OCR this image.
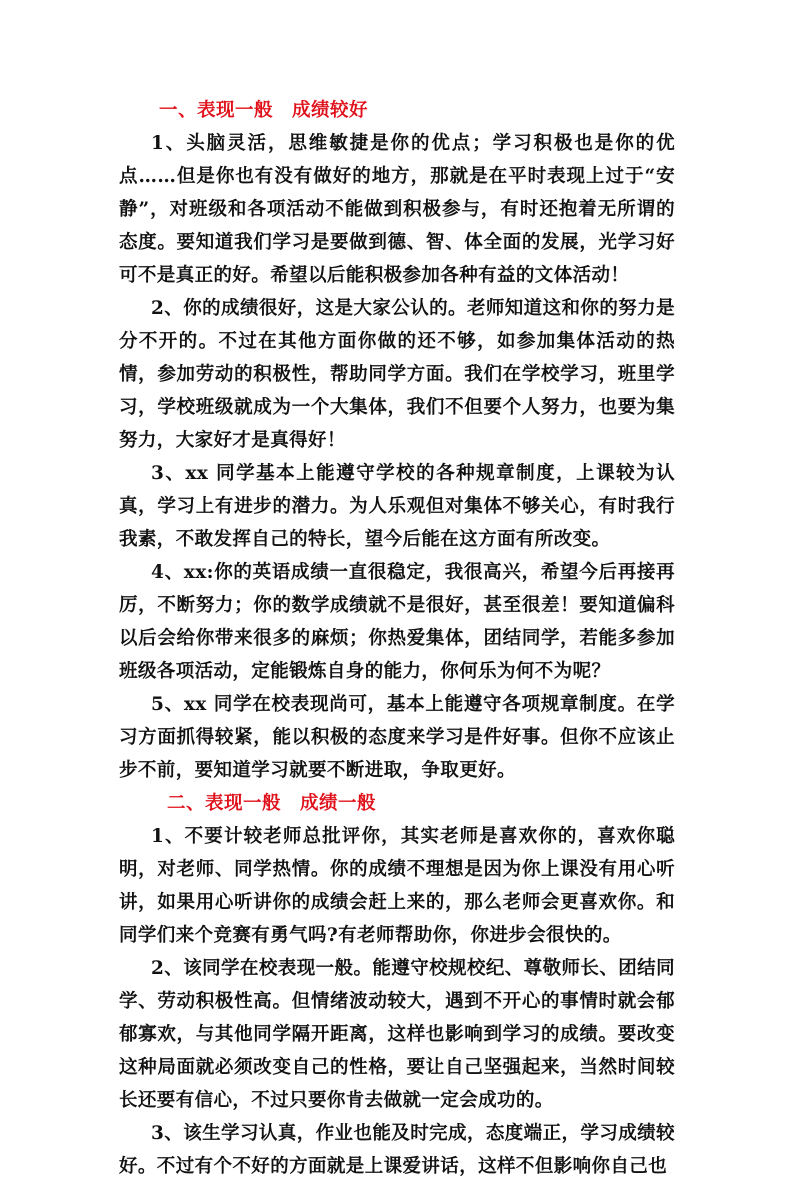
一、表现一般　成绩较好

1、头脑灵活，思维敏捷是你的优点；学习积极也是你的优点……但是你也有没有做好的地方，那就是在平时表现上过于“安静”，对班级和各项活动不能做到积极参与，有时还抱着无所谓的态度。要知道我们学习是要做到德、智、体全面的发展，光学习好可不是真正的好。希望以后能积极参加各种有益的文体活动！

2、你的成绩很好，这是大家公认的。老师知道这和你的努力是分不开的。不过在其他方面你做的还不够，如参加集体活动的热情，参加劳动的积极性，帮助同学方面。我们在学校学习，班里学习，学校班级就成为一个大集体，我们不但要个人努力，也要为集努力，大家好才是真得好！

3、xx 同学基本上能遵守学校的各种规章制度，上课较为认真，学习上有进步的潜力。为人乐观但对集体不够关心，有时我行我素，不敢发挥自己的特长，望今后能在这方面有所改变。

4、xx:你的英语成绩一直很稳定，我很高兴，希望今后再接再厉，不断努力；你的数学成绩就不是很好，甚至很差！要知道偏科以后会给你带来很多的麻烦；你热爱集体，团结同学，若能多参加班级各项活动，定能锻炼自身的能力，你何乐为何不为呢？

5、xx 同学在校表现尚可，基本上能遵守各项规章制度。在学习方面抓得较紧，能以积极的态度来学习是件好事。但你不应该止步不前，要知道学习就要不断进取，争取更好。

二、表现一般　成绩一般

1、不要计较老师总批评你，其实老师是喜欢你的，喜欢你聪明，对老师、同学热情。你的成绩不理想是因为你上课没有用心听讲，如果用心听讲你的成绩会赶上来的，那么老师会更喜欢你。和同学们来个竞赛有勇气吗?有老师帮助你，你进步会很快的。

2、该同学在校表现一般。能遵守校规校纪、尊敬师长、团结同学、劳动积极性高。但情绪波动较大，遇到不开心的事情时就会郁郁寡欢，与其他同学隔开距离，这样也影响到学习的成绩。要改变这种局面就必须改变自己的性格，要让自己坚强起来，当然时间较长还要有信心，不过只要你肯去做就一定会成功的。

3、该生学习认真，作业也能及时完成，态度端正，学习成绩较好。不过有个不好的方面就是上课爱讲话，这样不但影响你自己也
